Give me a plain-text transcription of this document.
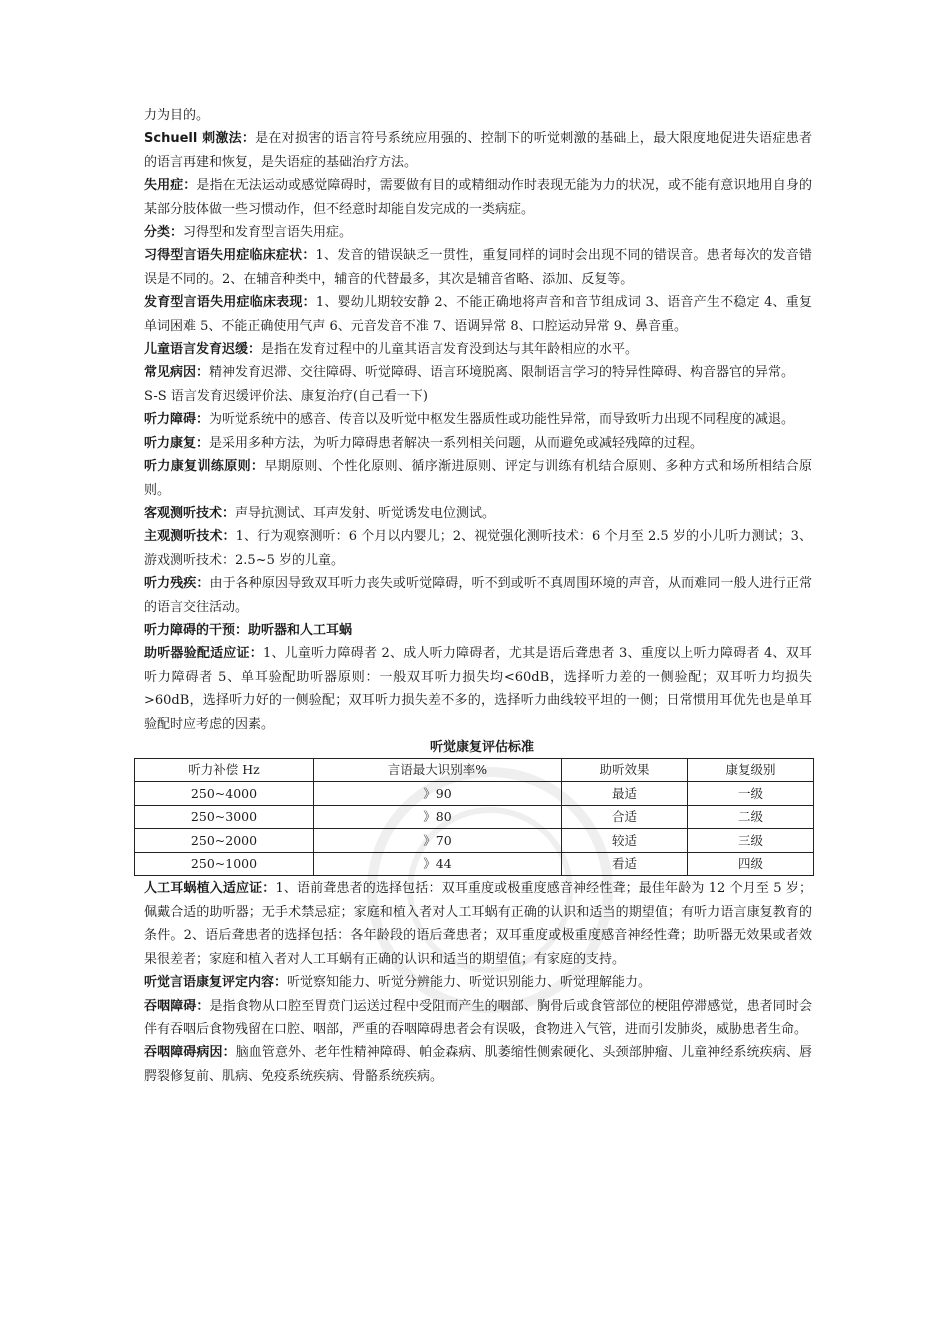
力为目的。
Schuell 刺激法：是在对损害的语言符号系统应用强的、控制下的听觉刺激的基础上，最大限度地促进失语症患者的语言再建和恢复，是失语症的基础治疗方法。
失用症：是指在无法运动或感觉障碍时，需要做有目的或精细动作时表现无能为力的状况，或不能有意识地用自身的某部分肢体做一些习惯动作，但不经意时却能自发完成的一类病症。
分类：习得型和发育型言语失用症。
习得型言语失用症临床症状：1、发音的错误缺乏一贯性，重复同样的词时会出现不同的错误音。患者每次的发音错误是不同的。2、在辅音种类中，辅音的代替最多，其次是辅音省略、添加、反复等。
发育型言语失用症临床表现：1、婴幼儿期较安静 2、不能正确地将声音和音节组成词 3、语音产生不稳定 4、重复单词困难 5、不能正确使用气声 6、元音发音不准 7、语调异常 8、口腔运动异常 9、鼻音重。
儿童语言发育迟缓：是指在发育过程中的儿童其语言发育没到达与其年龄相应的水平。
常见病因：精神发育迟滞、交往障碍、听觉障碍、语言环境脱离、限制语言学习的特异性障碍、构音器官的异常。
S-S 语言发育迟缓评价法、康复治疗(自己看一下)
听力障碍：为听觉系统中的感音、传音以及听觉中枢发生器质性或功能性异常，而导致听力出现不同程度的减退。
听力康复：是采用多种方法，为听力障碍患者解决一系列相关问题，从而避免或减轻残障的过程。
听力康复训练原则：早期原则、个性化原则、循序渐进原则、评定与训练有机结合原则、多种方式和场所相结合原则。
客观测听技术：声导抗测试、耳声发射、听觉诱发电位测试。
主观测听技术：1、行为观察测听：6 个月以内婴儿；2、视觉强化测听技术：6 个月至 2.5 岁的小儿听力测试；3、游戏测听技术：2.5~5 岁的儿童。
听力残疾：由于各种原因导致双耳听力丧失或听觉障碍，听不到或听不真周围环境的声音，从而难同一般人进行正常的语言交往活动。
听力障碍的干预：助听器和人工耳蜗
助听器验配适应证：1、儿童听力障碍者 2、成人听力障碍者，尤其是语后聋患者 3、重度以上听力障碍者 4、双耳听力障碍者 5、单耳验配助听器原则：一般双耳听力损失均<60dB，选择听力差的一侧验配；双耳听力均损失>60dB，选择听力好的一侧验配；双耳听力损失差不多的，选择听力曲线较平坦的一侧；日常惯用耳优先也是单耳验配时应考虑的因素。
听觉康复评估标准
听力补偿 Hz	言语最大识别率%	助听效果	康复级别
250~4000	》90	最适	一级
250~3000	》80	合适	二级
250~2000	》70	较适	三级
250~1000	》44	看适	四级
人工耳蜗植入适应证：1、语前聋患者的选择包括：双耳重度或极重度感音神经性聋；最佳年龄为 12 个月至 5 岁；佩戴合适的助听器；无手术禁忌症；家庭和植入者对人工耳蜗有正确的认识和适当的期望值；有听力语言康复教育的条件。2、语后聋患者的选择包括：各年龄段的语后聋患者；双耳重度或极重度感音神经性聋；助听器无效果或者效果很差者；家庭和植入者对人工耳蜗有正确的认识和适当的期望值；有家庭的支持。
听觉言语康复评定内容：听觉察知能力、听觉分辨能力、听觉识别能力、听觉理解能力。
吞咽障碍：是指食物从口腔至胃贲门运送过程中受阻而产生的咽部、胸骨后或食管部位的梗阻停滞感觉，患者同时会伴有吞咽后食物残留在口腔、咽部，严重的吞咽障碍患者会有误吸，食物进入气管，进而引发肺炎，威胁患者生命。
吞咽障碍病因：脑血管意外、老年性精神障碍、帕金森病、肌萎缩性侧索硬化、头颈部肿瘤、儿童神经系统疾病、唇腭裂修复前、肌病、免疫系统疾病、骨骼系统疾病。
